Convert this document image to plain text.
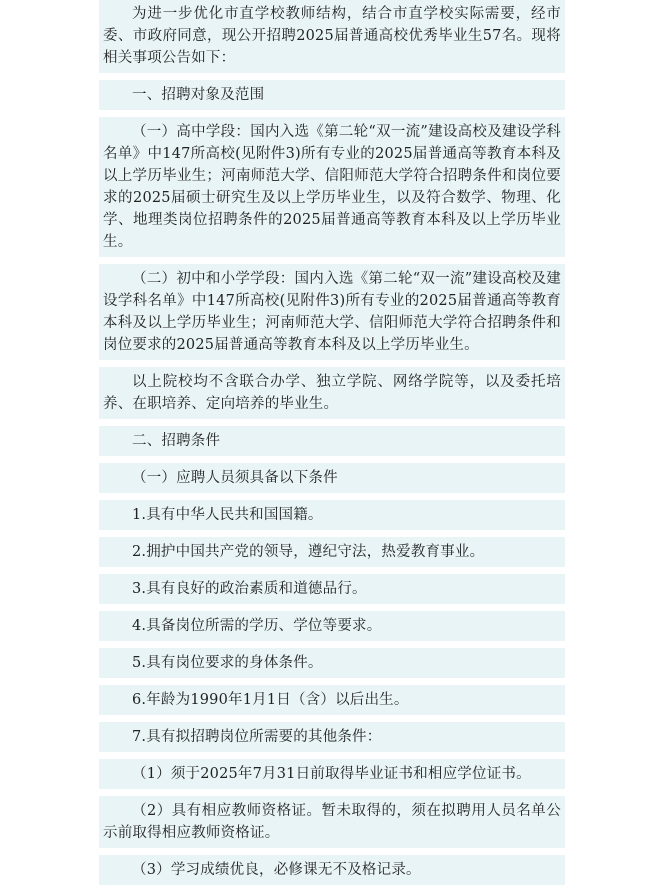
为进一步优化市直学校教师结构，结合市直学校实际需要，经市委、市政府同意，现公开招聘2025届普通高校优秀毕业生57名。现将相关事项公告如下：

一、招聘对象及范围

（一）高中学段：国内入选《第二轮“双一流”建设高校及建设学科名单》中147所高校(见附件3)所有专业的2025届普通高等教育本科及以上学历毕业生；河南师范大学、信阳师范大学符合招聘条件和岗位要求的2025届硕士研究生及以上学历毕业生，以及符合数学、物理、化学、地理类岗位招聘条件的2025届普通高等教育本科及以上学历毕业生。

（二）初中和小学学段：国内入选《第二轮“双一流”建设高校及建设学科名单》中147所高校(见附件3)所有专业的2025届普通高等教育本科及以上学历毕业生；河南师范大学、信阳师范大学符合招聘条件和岗位要求的2025届普通高等教育本科及以上学历毕业生。

以上院校均不含联合办学、独立学院、网络学院等，以及委托培养、在职培养、定向培养的毕业生。

二、招聘条件

（一）应聘人员须具备以下条件

1.具有中华人民共和国国籍。

2.拥护中国共产党的领导，遵纪守法，热爱教育事业。

3.具有良好的政治素质和道德品行。

4.具备岗位所需的学历、学位等要求。

5.具有岗位要求的身体条件。

6.年龄为1990年1月1日（含）以后出生。

7.具有拟招聘岗位所需要的其他条件：

（1）须于2025年7月31日前取得毕业证书和相应学位证书。

（2）具有相应教师资格证。暂未取得的，须在拟聘用人员名单公示前取得相应教师资格证。

（3）学习成绩优良，必修课无不及格记录。
